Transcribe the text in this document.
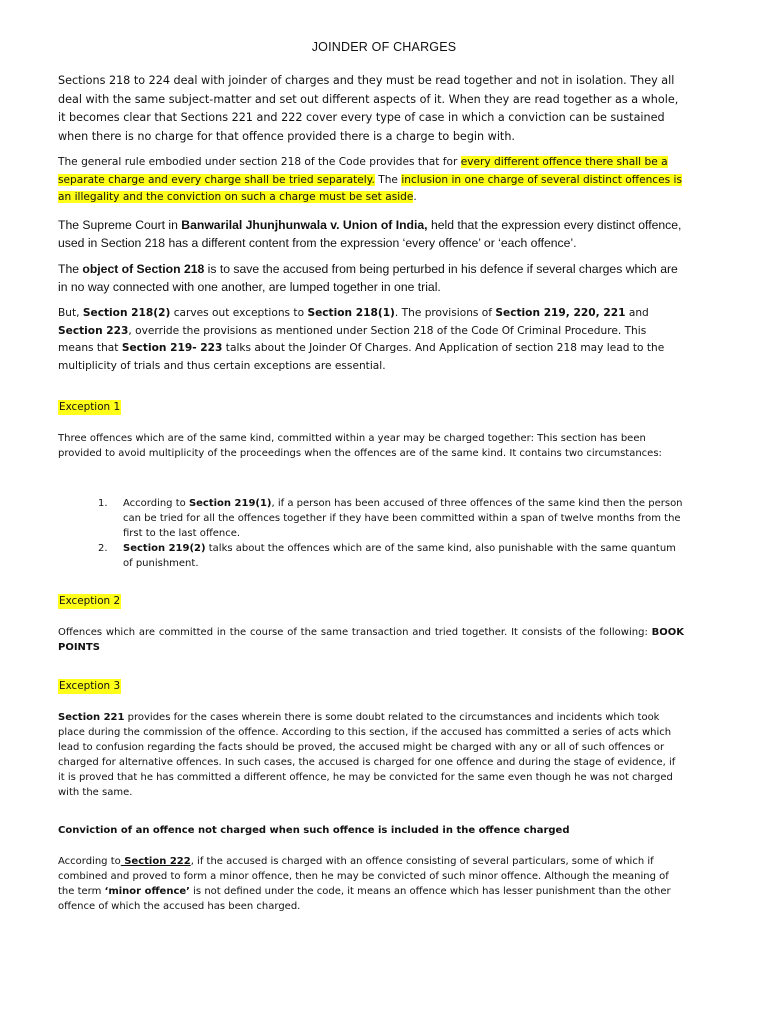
JOINDER OF CHARGES

Sections 218 to 224 deal with joinder of charges and they must be read together and not in isolation. They all deal with the same subject-matter and set out different aspects of it. When they are read together as a whole, it becomes clear that Sections 221 and 222 cover every type of case in which a conviction can be sustained when there is no charge for that offence provided there is a charge to begin with.

The general rule embodied under section 218 of the Code provides that for every different offence there shall be a separate charge and every charge shall be tried separately. The inclusion in one charge of several distinct offences is an illegality and the conviction on such a charge must be set aside.

The Supreme Court in Banwarilal Jhunjhunwala v. Union of India, held that the expression every distinct offence, used in Section 218 has a different content from the expression ‘every offence’ or ‘each offence’.

The object of Section 218 is to save the accused from being perturbed in his defence if several charges which are in no way connected with one another, are lumped together in one trial.

But, Section 218(2) carves out exceptions to Section 218(1). The provisions of Section 219, 220, 221 and Section 223, override the provisions as mentioned under Section 218 of the Code Of Criminal Procedure. This means that Section 219- 223 talks about the Joinder Of Charges. And Application of section 218 may lead to the multiplicity of trials and thus certain exceptions are essential.

Exception 1

Three offences which are of the same kind, committed within a year may be charged together: This section has been provided to avoid multiplicity of the proceedings when the offences are of the same kind. It contains two circumstances:

1. According to Section 219(1), if a person has been accused of three offences of the same kind then the person can be tried for all the offences together if they have been committed within a span of twelve months from the first to the last offence.
2. Section 219(2) talks about the offences which are of the same kind, also punishable with the same quantum of punishment.
Exception 2

Offences which are committed in the course of the same transaction and tried together. It consists of the following: BOOK POINTS

Exception 3

Section 221 provides for the cases wherein there is some doubt related to the circumstances and incidents which took place during the commission of the offence. According to this section, if the accused has committed a series of acts which lead to confusion regarding the facts should be proved, the accused might be charged with any or all of such offences or charged for alternative offences. In such cases, the accused is charged for one offence and during the stage of evidence, if it is proved that he has committed a different offence, he may be convicted for the same even though he was not charged with the same.

Conviction of an offence not charged when such offence is included in the offence charged

According to Section 222, if the accused is charged with an offence consisting of several particulars, some of which if combined and proved to form a minor offence, then he may be convicted of such minor offence. Although the meaning of the term ‘minor offence’ is not defined under the code, it means an offence which has lesser punishment than the other offence of which the accused has been charged.
